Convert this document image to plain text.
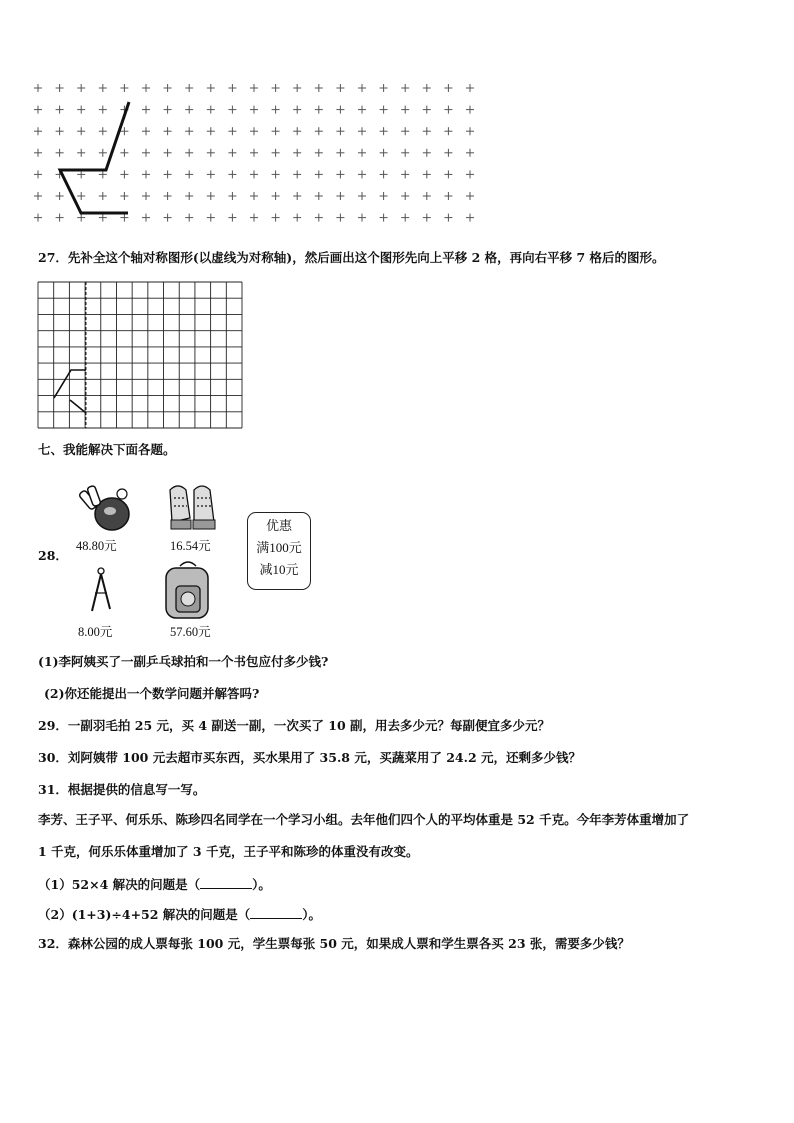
27．先补全这个轴对称图形(以虚线为对称轴)，然后画出这个图形先向上平移 2 格，再向右平移 7 格后的图形。
七、我能解决下面各题。
28．
48.80元	16.54元
8.00元	57.60元
优惠
满100元
减10元
(1)李阿姨买了一副乒乓球拍和一个书包应付多少钱?
(2)你还能提出一个数学问题并解答吗?
29．一副羽毛拍 25 元，买 4 副送一副，一次买了 10 副，用去多少元？每副便宜多少元？
30．刘阿姨带 100 元去超市买东西，买水果用了 35.8 元，买蔬菜用了 24.2 元，还剩多少钱？
31．根据提供的信息写一写。
李芳、王子平、何乐乐、陈珍四名同学在一个学习小组。去年他们四个人的平均体重是 52 千克。今年李芳体重增加了
1 千克，何乐乐体重增加了 3 千克，王子平和陈珍的体重没有改变。
（1）52×4 解决的问题是（	）。
（2）(1+3)÷4+52 解决的问题是（	）。
32．森林公园的成人票每张 100 元，学生票每张 50 元，如果成人票和学生票各买 23 张，需要多少钱？
